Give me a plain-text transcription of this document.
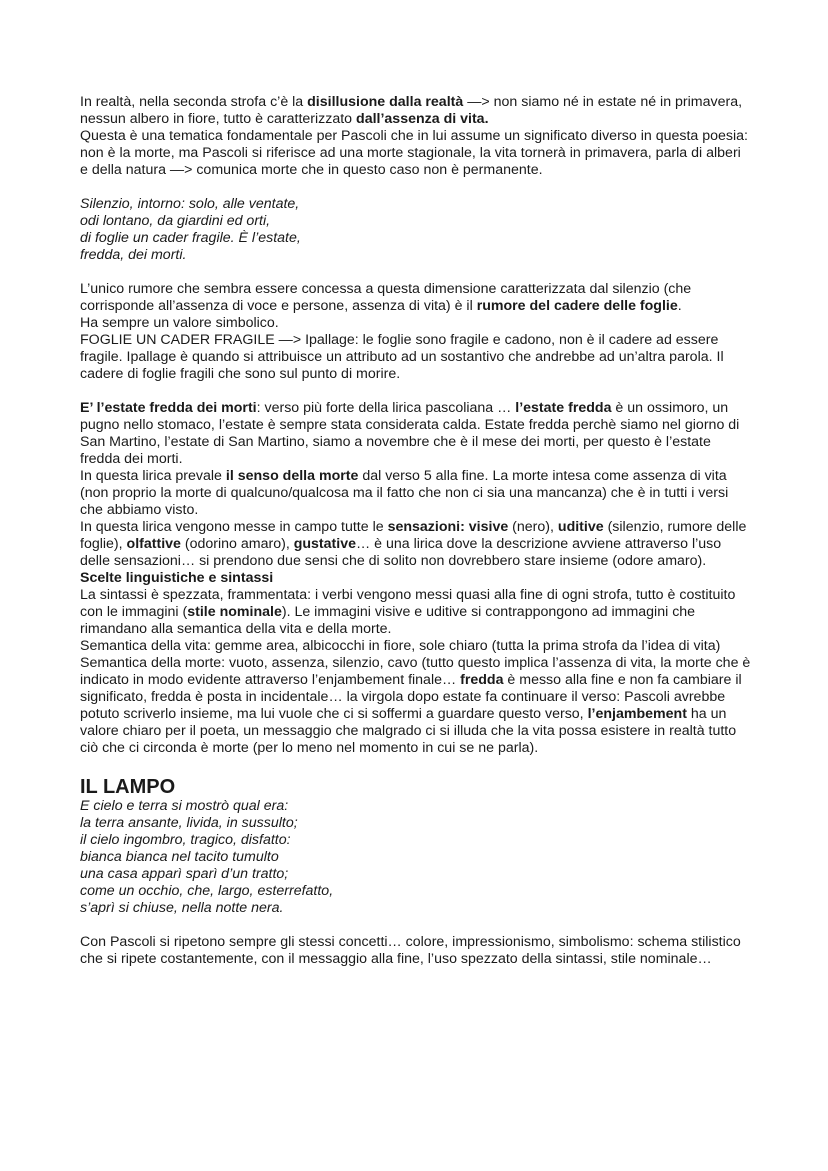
In realtà, nella seconda strofa c’è la disillusione dalla realtà —> non siamo né in estate né in primavera, nessun albero in fiore, tutto è caratterizzato dall’assenza di vita.

Questa è una tematica fondamentale per Pascoli che in lui assume un significato diverso in questa poesia: non è la morte, ma Pascoli si riferisce ad una morte stagionale, la vita tornerà in primavera, parla di alberi e della natura —> comunica morte che in questo caso non è permanente.

Silenzio, intorno: solo, alle ventate,

odi lontano, da giardini ed orti,

di foglie un cader fragile. È l’estate,

fredda, dei morti.

L’unico rumore che sembra essere concessa a questa dimensione caratterizzata dal silenzio (che corrisponde all’assenza di voce e persone, assenza di vita) è il rumore del cadere delle foglie.

Ha sempre un valore simbolico.

FOGLIE UN CADER FRAGILE —> Ipallage: le foglie sono fragile e cadono, non è il cadere ad essere fragile. Ipallage è quando si attribuisce un attributo ad un sostantivo che andrebbe ad un’altra parola. Il cadere di foglie fragili che sono sul punto di morire.

E’ l’estate fredda dei morti: verso più forte della lirica pascoliana … l’estate fredda è un ossimoro, un pugno nello stomaco, l’estate è sempre stata considerata calda. Estate fredda perchè siamo nel giorno di San Martino, l’estate di San Martino, siamo a novembre che è il mese dei morti, per questo è l’estate fredda dei morti.

In questa lirica prevale il senso della morte dal verso 5 alla fine. La morte intesa come assenza di vita (non proprio la morte di qualcuno/qualcosa ma il fatto che non ci sia una mancanza) che è in tutti i versi che abbiamo visto.

In questa lirica vengono messe in campo tutte le sensazioni: visive (nero), uditive (silenzio, rumore delle foglie), olfattive (odorino amaro), gustative… è una lirica dove la descrizione avviene attraverso l’uso delle sensazioni… si prendono due sensi che di solito non dovrebbero stare insieme (odore amaro).

Scelte linguistiche e sintassi

La sintassi è spezzata, frammentata: i verbi vengono messi quasi alla fine di ogni strofa, tutto è costituito con le immagini (stile nominale). Le immagini visive e uditive si contrappongono ad immagini che rimandano alla semantica della vita e della morte.

Semantica della vita: gemme area, albicocchi in fiore, sole chiaro (tutta la prima strofa da l’idea di vita)

Semantica della morte: vuoto, assenza, silenzio, cavo (tutto questo implica l’assenza di vita, la morte che è indicato in modo evidente attraverso l’enjambement finale… fredda è messo alla fine e non fa cambiare il significato, fredda è posta in incidentale… la virgola dopo estate fa continuare il verso: Pascoli avrebbe potuto scriverlo insieme, ma lui vuole che ci si soffermi a guardare questo verso, l’enjambement ha un valore chiaro per il poeta, un messaggio che malgrado ci si illuda che la vita possa esistere in realtà tutto ciò che ci circonda è morte (per lo meno nel momento in cui se ne parla).

IL LAMPO

E cielo e terra si mostrò qual era:

la terra ansante, livida, in sussulto;

il cielo ingombro, tragico, disfatto:

bianca bianca nel tacito tumulto

una casa apparì sparì d’un tratto;

come un occhio, che, largo, esterrefatto,

s’aprì si chiuse, nella notte nera.

Con Pascoli si ripetono sempre gli stessi concetti… colore, impressionismo, simbolismo: schema stilistico che si ripete costantemente, con il messaggio alla fine, l’uso spezzato della sintassi, stile nominale…
